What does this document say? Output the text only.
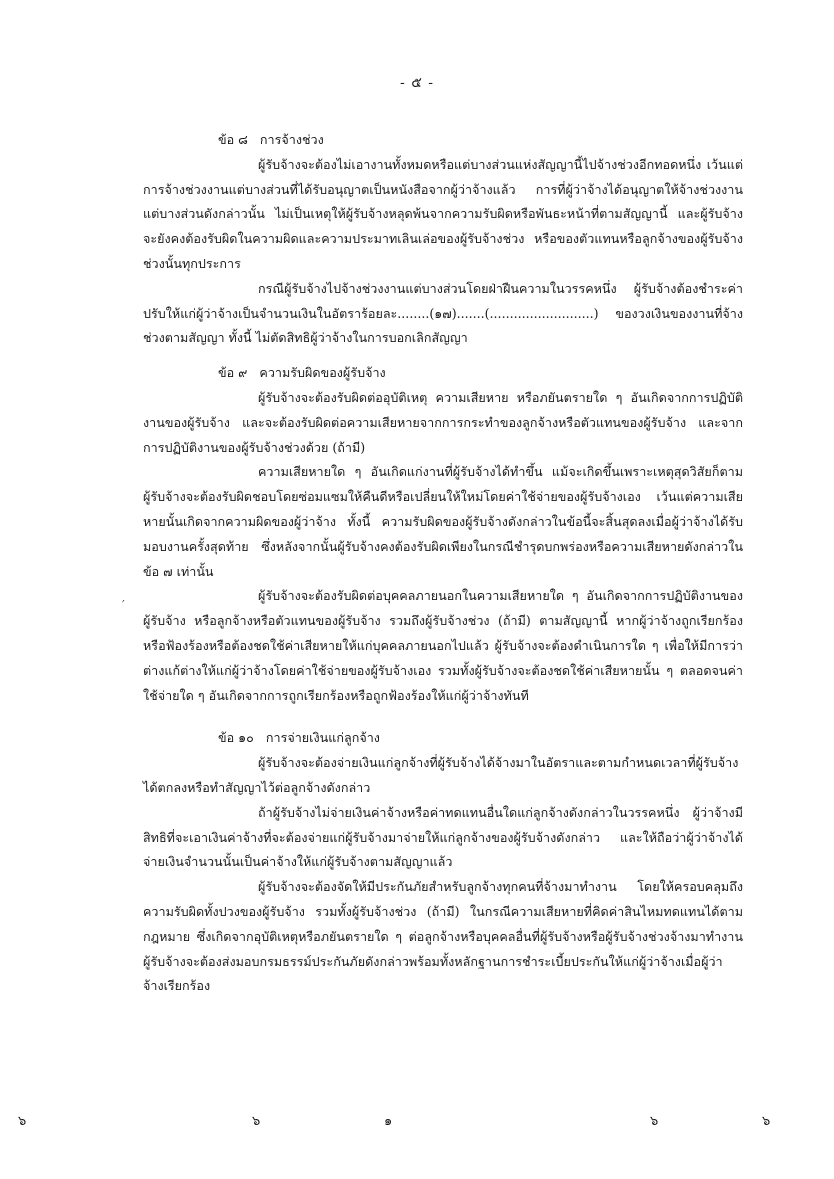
- ๕ -
ข้อ ๘ การจ้างช่วง
ผู้รับจ้างจะต้องไม่เอางานทั้งหมดหรือแต่บางส่วนแห่งสัญญานี้ไปจ้างช่วงอีกทอดหนึ่ง เว้นแต่การจ้างช่วงงานแต่บางส่วนที่ได้รับอนุญาตเป็นหนังสือจากผู้ว่าจ้างแล้ว การที่ผู้ว่าจ้างได้อนุญาตให้จ้างช่วงงานแต่บางส่วนดังกล่าวนั้น ไม่เป็นเหตุให้ผู้รับจ้างหลุดพ้นจากความรับผิดหรือพันธะหน้าที่ตามสัญญานี้ และผู้รับจ้างจะยังคงต้องรับผิดในความผิดและความประมาทเลินเล่อของผู้รับจ้างช่วง หรือของตัวแทนหรือลูกจ้างของผู้รับจ้างช่วงนั้นทุกประการ
กรณีผู้รับจ้างไปจ้างช่วงงานแต่บางส่วนโดยฝ่าฝืนความในวรรคหนึ่ง ผู้รับจ้างต้องชำระค่าปรับให้แก่ผู้ว่าจ้างเป็นจำนวนเงินในอัตราร้อยละ........(๑๗).......(..........................) ของวงเงินของงานที่จ้างช่วงตามสัญญา ทั้งนี้ ไม่ตัดสิทธิผู้ว่าจ้างในการบอกเลิกสัญญา
ข้อ ๙ ความรับผิดของผู้รับจ้าง
ผู้รับจ้างจะต้องรับผิดต่ออุบัติเหตุ ความเสียหาย หรือภยันตรายใด ๆ อันเกิดจากการปฏิบัติงานของผู้รับจ้าง และจะต้องรับผิดต่อความเสียหายจากการกระทำของลูกจ้างหรือตัวแทนของผู้รับจ้าง และจากการปฏิบัติงานของผู้รับจ้างช่วงด้วย (ถ้ามี)
ความเสียหายใด ๆ อันเกิดแก่งานที่ผู้รับจ้างได้ทำขึ้น แม้จะเกิดขึ้นเพราะเหตุสุดวิสัยก็ตาม ผู้รับจ้างจะต้องรับผิดชอบโดยซ่อมแซมให้คืนดีหรือเปลี่ยนให้ใหม่โดยค่าใช้จ่ายของผู้รับจ้างเอง เว้นแต่ความเสียหายนั้นเกิดจากความผิดของผู้ว่าจ้าง ทั้งนี้ ความรับผิดของผู้รับจ้างดังกล่าวในข้อนี้จะสิ้นสุดลงเมื่อผู้ว่าจ้างได้รับมอบงานครั้งสุดท้าย ซึ่งหลังจากนั้นผู้รับจ้างคงต้องรับผิดเพียงในกรณีชำรุดบกพร่องหรือความเสียหายดังกล่าวในข้อ ๗ เท่านั้น
ผู้รับจ้างจะต้องรับผิดต่อบุคคลภายนอกในความเสียหายใด ๆ อันเกิดจากการปฏิบัติงานของผู้รับจ้าง หรือลูกจ้างหรือตัวแทนของผู้รับจ้าง รวมถึงผู้รับจ้างช่วง (ถ้ามี) ตามสัญญานี้ หากผู้ว่าจ้างถูกเรียกร้องหรือฟ้องร้องหรือต้องชดใช้ค่าเสียหายให้แก่บุคคลภายนอกไปแล้ว ผู้รับจ้างจะต้องดำเนินการใด ๆ เพื่อให้มีการว่าต่างแก้ต่างให้แก่ผู้ว่าจ้างโดยค่าใช้จ่ายของผู้รับจ้างเอง รวมทั้งผู้รับจ้างจะต้องชดใช้ค่าเสียหายนั้น ๆ ตลอดจนค่าใช้จ่ายใด ๆ อันเกิดจากการถูกเรียกร้องหรือถูกฟ้องร้องให้แก่ผู้ว่าจ้างทันที
ข้อ ๑๐ การจ่ายเงินแก่ลูกจ้าง
ผู้รับจ้างจะต้องจ่ายเงินแก่ลูกจ้างที่ผู้รับจ้างได้จ้างมาในอัตราและตามกำหนดเวลาที่ผู้รับจ้างได้ตกลงหรือทำสัญญาไว้ต่อลูกจ้างดังกล่าว
ถ้าผู้รับจ้างไม่จ่ายเงินค่าจ้างหรือค่าทดแทนอื่นใดแก่ลูกจ้างดังกล่าวในวรรคหนึ่ง ผู้ว่าจ้างมีสิทธิที่จะเอาเงินค่าจ้างที่จะต้องจ่ายแก่ผู้รับจ้างมาจ่ายให้แก่ลูกจ้างของผู้รับจ้างดังกล่าว และให้ถือว่าผู้ว่าจ้างได้จ่ายเงินจำนวนนั้นเป็นค่าจ้างให้แก่ผู้รับจ้างตามสัญญาแล้ว
ผู้รับจ้างจะต้องจัดให้มีประกันภัยสำหรับลูกจ้างทุกคนที่จ้างมาทำงาน โดยให้ครอบคลุมถึงความรับผิดทั้งปวงของผู้รับจ้าง รวมทั้งผู้รับจ้างช่วง (ถ้ามี) ในกรณีความเสียหายที่คิดค่าสินไหมทดแทนได้ตามกฎหมาย ซึ่งเกิดจากอุบัติเหตุหรือภยันตรายใด ๆ ต่อลูกจ้างหรือบุคคลอื่นที่ผู้รับจ้างหรือผู้รับจ้างช่วงจ้างมาทำงาน ผู้รับจ้างจะต้องส่งมอบกรมธรรม์ประกันภัยดังกล่าวพร้อมทั้งหลักฐานการชำระเบี้ยประกันให้แก่ผู้ว่าจ้างเมื่อผู้ว่าจ้างเรียกร้อง
′
๖	๖	๑	๖	๖
